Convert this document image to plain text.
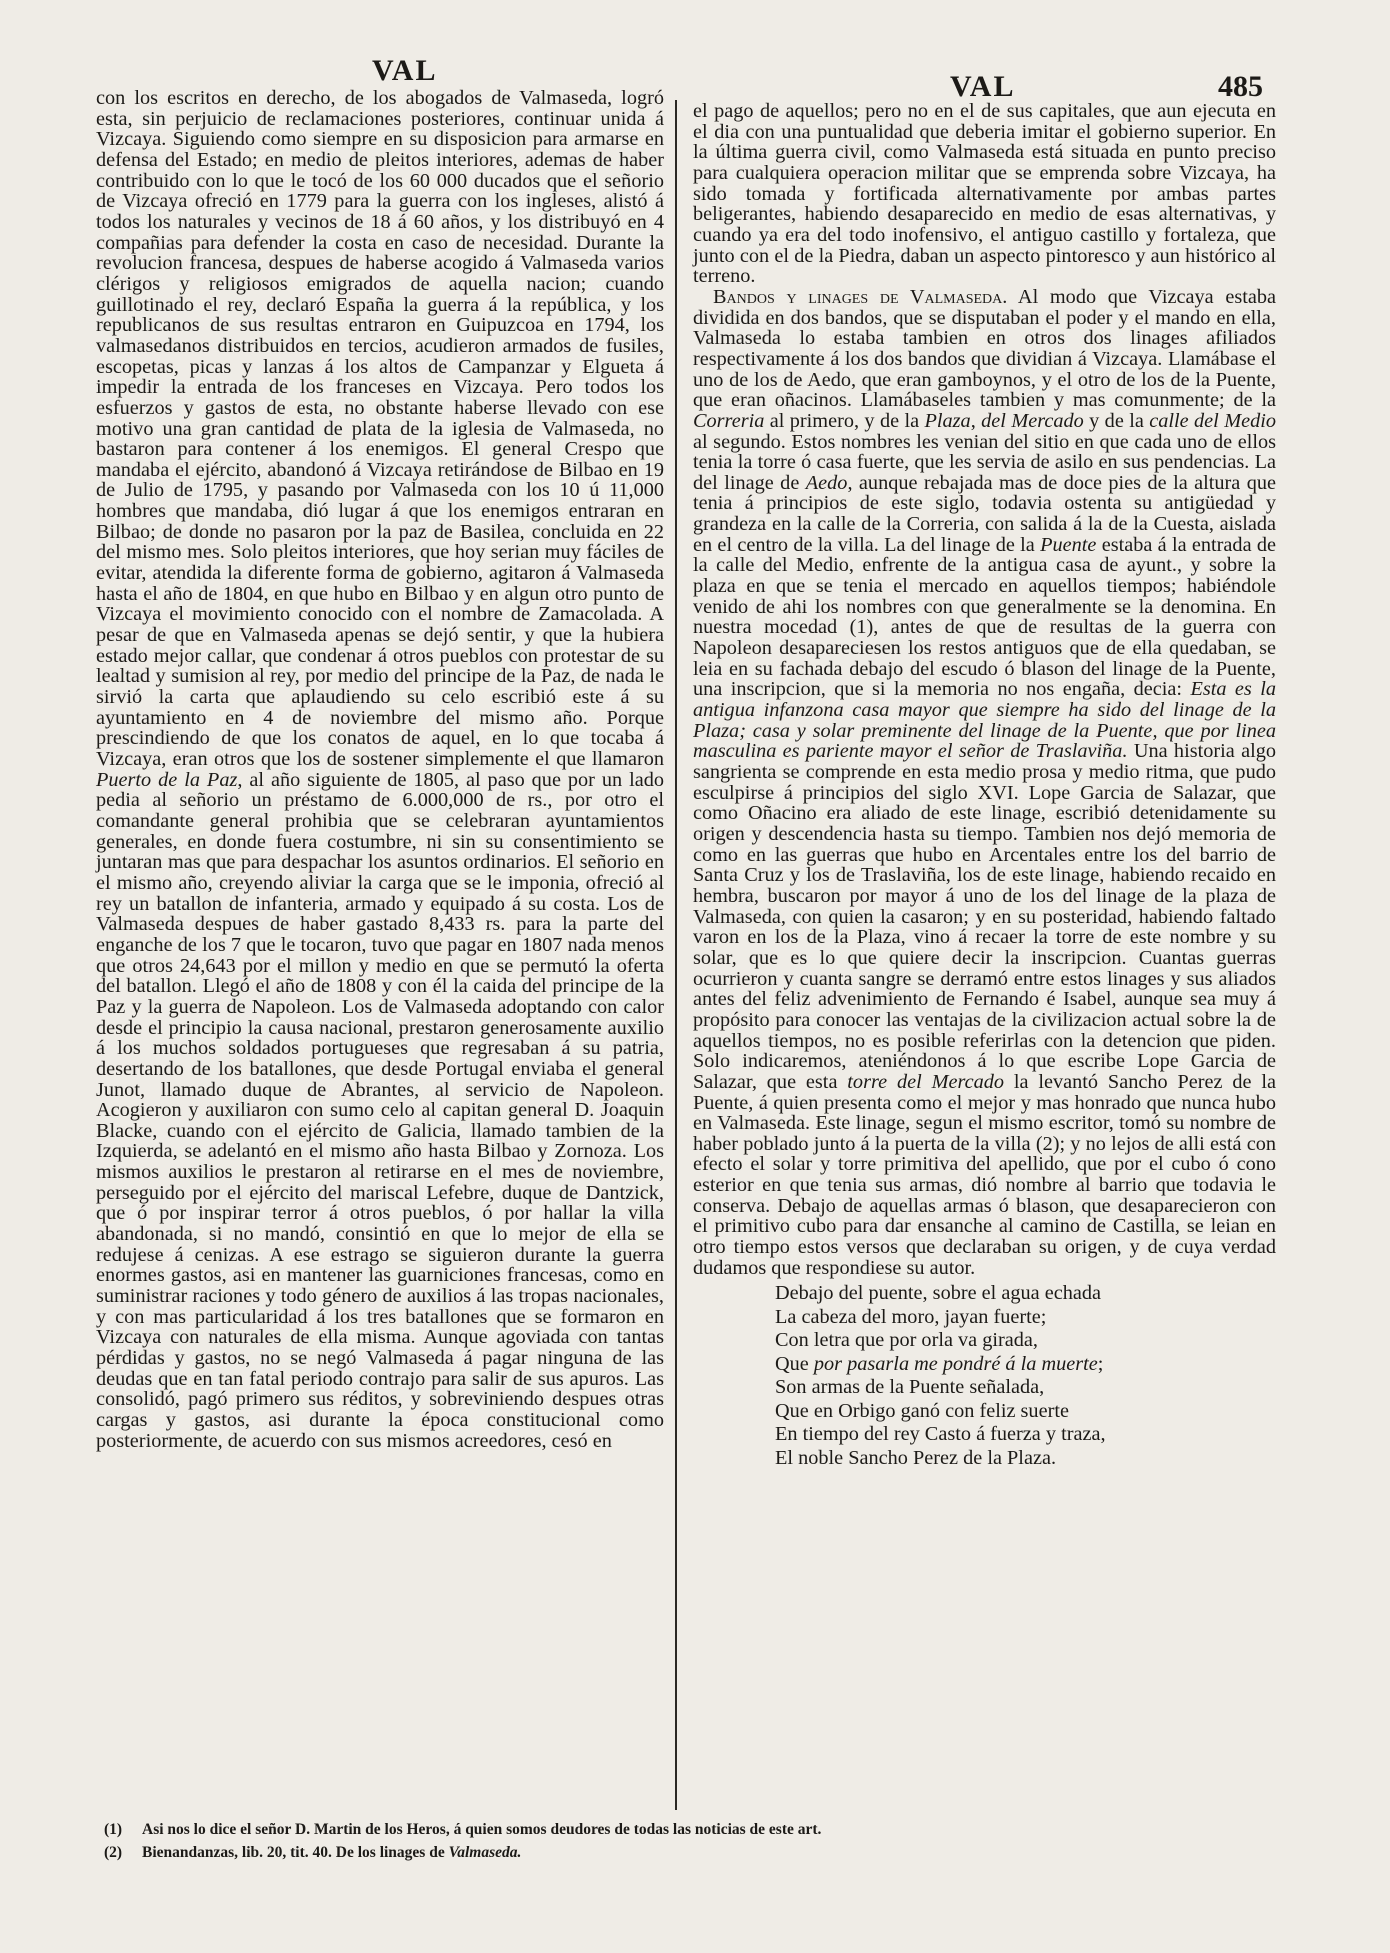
VAL	VAL	485

con los escritos en derecho, de los abogados de Valmaseda, logró esta, sin perjuicio de reclamaciones posteriores, continuar unida á Vizcaya. Siguiendo como siempre en su disposicion para armarse en defensa del Estado; en medio de pleitos interiores, ademas de haber contribuido con lo que le tocó de los 60 000 ducados que el señorio de Vizcaya ofreció en 1779 para la guerra con los ingleses, alistó á todos los naturales y vecinos de 18 á 60 años, y los distribuyó en 4 compañias para defender la costa en caso de necesidad. Durante la revolucion francesa, despues de haberse acogido á Valmaseda varios clérigos y religiosos emigrados de aquella nacion; cuando guillotinado el rey, declaró España la guerra á la república, y los republicanos de sus resultas entraron en Guipuzcoa en 1794, los valmasedanos distribuidos en tercios, acudieron armados de fusiles, escopetas, picas y lanzas á los altos de Campanzar y Elgueta á impedir la entrada de los franceses en Vizcaya. Pero todos los esfuerzos y gastos de esta, no obstante haberse llevado con ese motivo una gran cantidad de plata de la iglesia de Valmaseda, no bastaron para contener á los enemigos. El general Crespo que mandaba el ejército, abandonó á Vizcaya retirándose de Bilbao en 19 de Julio de 1795, y pasando por Valmaseda con los 10 ú 11,000 hombres que mandaba, dió lugar á que los enemigos entraran en Bilbao; de donde no pasaron por la paz de Basilea, concluida en 22 del mismo mes. Solo pleitos interiores, que hoy serian muy fáciles de evitar, atendida la diferente forma de gobierno, agitaron á Valmaseda hasta el año de 1804, en que hubo en Bilbao y en algun otro punto de Vizcaya el movimiento conocido con el nombre de Zamacolada. A pesar de que en Valmaseda apenas se dejó sentir, y que la hubiera estado mejor callar, que condenar á otros pueblos con protestar de su lealtad y sumision al rey, por medio del principe de la Paz, de nada le sirvió la carta que aplaudiendo su celo escribió este á su ayuntamiento en 4 de noviembre del mismo año. Porque prescindiendo de que los conatos de aquel, en lo que tocaba á Vizcaya, eran otros que los de sostener simplemente el que llamaron Puerto de la Paz, al año siguiente de 1805, al paso que por un lado pedia al señorio un préstamo de 6.000,000 de rs., por otro el comandante general prohibia que se celebraran ayuntamientos generales, en donde fuera costumbre, ni sin su consentimiento se juntaran mas que para despachar los asuntos ordinarios. El señorio en el mismo año, creyendo aliviar la carga que se le imponia, ofreció al rey un batallon de infanteria, armado y equipado á su costa. Los de Valmaseda despues de haber gastado 8,433 rs. para la parte del enganche de los 7 que le tocaron, tuvo que pagar en 1807 nada menos que otros 24,643 por el millon y medio en que se permutó la oferta del batallon. Llegó el año de 1808 y con él la caida del principe de la Paz y la guerra de Napoleon. Los de Valmaseda adoptando con calor desde el principio la causa nacional, prestaron generosamente auxilio á los muchos soldados portugueses que regresaban á su patria, desertando de los batallones, que desde Portugal enviaba el general Junot, llamado duque de Abrantes, al servicio de Napoleon. Acogieron y auxiliaron con sumo celo al capitan general D. Joaquin Blacke, cuando con el ejército de Galicia, llamado tambien de la Izquierda, se adelantó en el mismo año hasta Bilbao y Zornoza. Los mismos auxilios le prestaron al retirarse en el mes de noviembre, perseguido por el ejército del mariscal Lefebre, duque de Dantzick, que ó por inspirar terror á otros pueblos, ó por hallar la villa abandonada, si no mandó, consintió en que lo mejor de ella se redujese á cenizas. A ese estrago se siguieron durante la guerra enormes gastos, asi en mantener las guarniciones francesas, como en suministrar raciones y todo género de auxilios á las tropas nacionales, y con mas particularidad á los tres batallones que se formaron en Vizcaya con naturales de ella misma. Aunque agoviada con tantas pérdidas y gastos, no se negó Valmaseda á pagar ninguna de las deudas que en tan fatal periodo contrajo para salir de sus apuros. Las consolidó, pagó primero sus réditos, y sobreviniendo despues otras cargas y gastos, asi durante la época constitucional como posteriormente, de acuerdo con sus mismos acreedores, cesó en

el pago de aquellos; pero no en el de sus capitales, que aun ejecuta en el dia con una puntualidad que deberia imitar el gobierno superior. En la última guerra civil, como Valmaseda está situada en punto preciso para cualquiera operacion militar que se emprenda sobre Vizcaya, ha sido tomada y fortificada alternativamente por ambas partes beligerantes, habiendo desaparecido en medio de esas alternativas, y cuando ya era del todo inofensivo, el antiguo castillo y fortaleza, que junto con el de la Piedra, daban un aspecto pintoresco y aun histórico al terreno.

Bandos y linages de Valmaseda. Al modo que Vizcaya estaba dividida en dos bandos, que se disputaban el poder y el mando en ella, Valmaseda lo estaba tambien en otros dos linages afiliados respectivamente á los dos bandos que dividian á Vizcaya. Llamábase el uno de los de Aedo, que eran gamboynos, y el otro de los de la Puente, que eran oñacinos. Llamábaseles tambien y mas comunmente; de la Correria al primero, y de la Plaza, del Mercado y de la calle del Medio al segundo. Estos nombres les venian del sitio en que cada uno de ellos tenia la torre ó casa fuerte, que les servia de asilo en sus pendencias. La del linage de Aedo, aunque rebajada mas de doce pies de la altura que tenia á principios de este siglo, todavia ostenta su antigüedad y grandeza en la calle de la Correria, con salida á la de la Cuesta, aislada en el centro de la villa. La del linage de la Puente estaba á la entrada de la calle del Medio, enfrente de la antigua casa de ayunt., y sobre la plaza en que se tenia el mercado en aquellos tiempos; habiéndole venido de ahi los nombres con que generalmente se la denomina. En nuestra mocedad (1), antes de que de resultas de la guerra con Napoleon desapareciesen los restos antiguos que de ella quedaban, se leia en su fachada debajo del escudo ó blason del linage de la Puente, una inscripcion, que si la memoria no nos engaña, decia: Esta es la antigua infanzona casa mayor que siempre ha sido del linage de la Plaza; casa y solar preminente del linage de la Puente, que por linea masculina es pariente mayor el señor de Traslaviña. Una historia algo sangrienta se comprende en esta medio prosa y medio ritma, que pudo esculpirse á principios del siglo XVI. Lope Garcia de Salazar, que como Oñacino era aliado de este linage, escribió detenidamente su origen y descendencia hasta su tiempo. Tambien nos dejó memoria de como en las guerras que hubo en Arcentales entre los del barrio de Santa Cruz y los de Traslaviña, los de este linage, habiendo recaido en hembra, buscaron por mayor á uno de los del linage de la plaza de Valmaseda, con quien la casaron; y en su posteridad, habiendo faltado varon en los de la Plaza, vino á recaer la torre de este nombre y su solar, que es lo que quiere decir la inscripcion. Cuantas guerras ocurrieron y cuanta sangre se derramó entre estos linages y sus aliados antes del feliz advenimiento de Fernando é Isabel, aunque sea muy á propósito para conocer las ventajas de la civilizacion actual sobre la de aquellos tiempos, no es posible referirlas con la detencion que piden. Solo indicaremos, ateniéndonos á lo que escribe Lope Garcia de Salazar, que esta torre del Mercado la levantó Sancho Perez de la Puente, á quien presenta como el mejor y mas honrado que nunca hubo en Valmaseda. Este linage, segun el mismo escritor, tomó su nombre de haber poblado junto á la puerta de la villa (2); y no lejos de alli está con efecto el solar y torre primitiva del apellido, que por el cubo ó cono esterior en que tenia sus armas, dió nombre al barrio que todavia le conserva. Debajo de aquellas armas ó blason, que desaparecieron con el primitivo cubo para dar ensanche al camino de Castilla, se leian en otro tiempo estos versos que declaraban su origen, y de cuya verdad dudamos que respondiese su autor.

Debajo del puente, sobre el agua echada
La cabeza del moro, jayan fuerte;
Con letra que por orla va girada,
Que por pasarla me pondré á la muerte;
Son armas de la Puente señalada,
Que en Orbigo ganó con feliz suerte
En tiempo del rey Casto á fuerza y traza,
El noble Sancho Perez de la Plaza.
(1) Asi nos lo dice el señor D. Martin de los Heros, á quien somos deudores de todas las noticias de este art.
(2) Bienandanzas, lib. 20, tit. 40. De los linages de Valmaseda.
